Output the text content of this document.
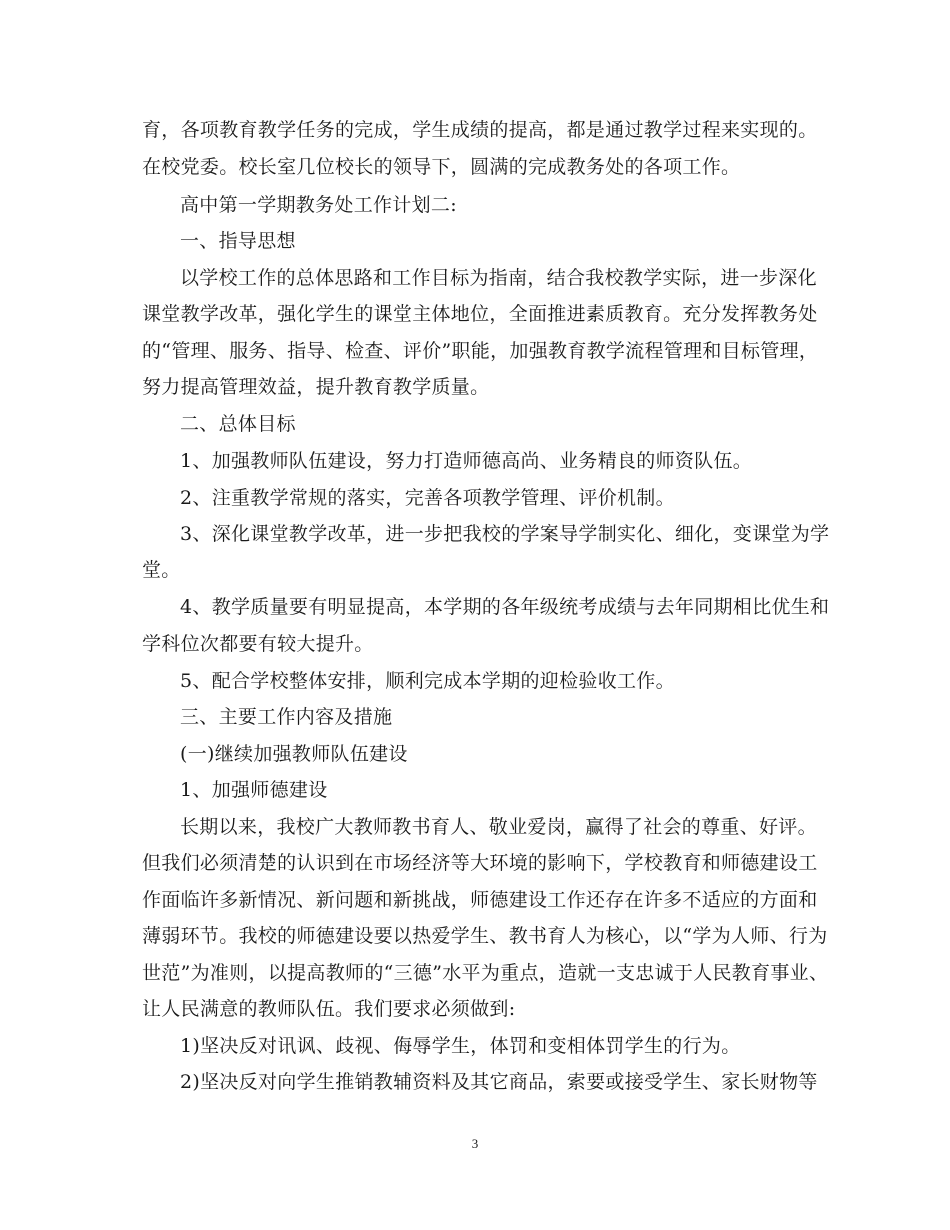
育，各项教育教学任务的完成，学生成绩的提高，都是通过教学过程来实现的。
在校党委。校长室几位校长的领导下，圆满的完成教务处的各项工作。
高中第一学期教务处工作计划二:
一、指导思想
以学校工作的总体思路和工作目标为指南，结合我校教学实际，进一步深化
课堂教学改革，强化学生的课堂主体地位，全面推进素质教育。充分发挥教务处
的“管理、服务、指导、检查、评价”职能，加强教育教学流程管理和目标管理，
努力提高管理效益，提升教育教学质量。
二、总体目标
1、加强教师队伍建设，努力打造师德高尚、业务精良的师资队伍。
2、注重教学常规的落实，完善各项教学管理、评价机制。
3、深化课堂教学改革，进一步把我校的学案导学制实化、细化，变课堂为学
堂。
4、教学质量要有明显提高，本学期的各年级统考成绩与去年同期相比优生和
学科位次都要有较大提升。
5、配合学校整体安排，顺利完成本学期的迎检验收工作。
三、主要工作内容及措施
(一)继续加强教师队伍建设
1、加强师德建设
长期以来，我校广大教师教书育人、敬业爱岗，赢得了社会的尊重、好评。
但我们必须清楚的认识到在市场经济等大环境的影响下，学校教育和师德建设工
作面临许多新情况、新问题和新挑战，师德建设工作还存在许多不适应的方面和
薄弱环节。我校的师德建设要以热爱学生、教书育人为核心，以“学为人师、行为
世范”为准则，以提高教师的“三德”水平为重点，造就一支忠诚于人民教育事业、
让人民满意的教师队伍。我们要求必须做到:
1)坚决反对讯讽、歧视、侮辱学生，体罚和变相体罚学生的行为。
2)坚决反对向学生推销教辅资料及其它商品，索要或接受学生、家长财物等
3
